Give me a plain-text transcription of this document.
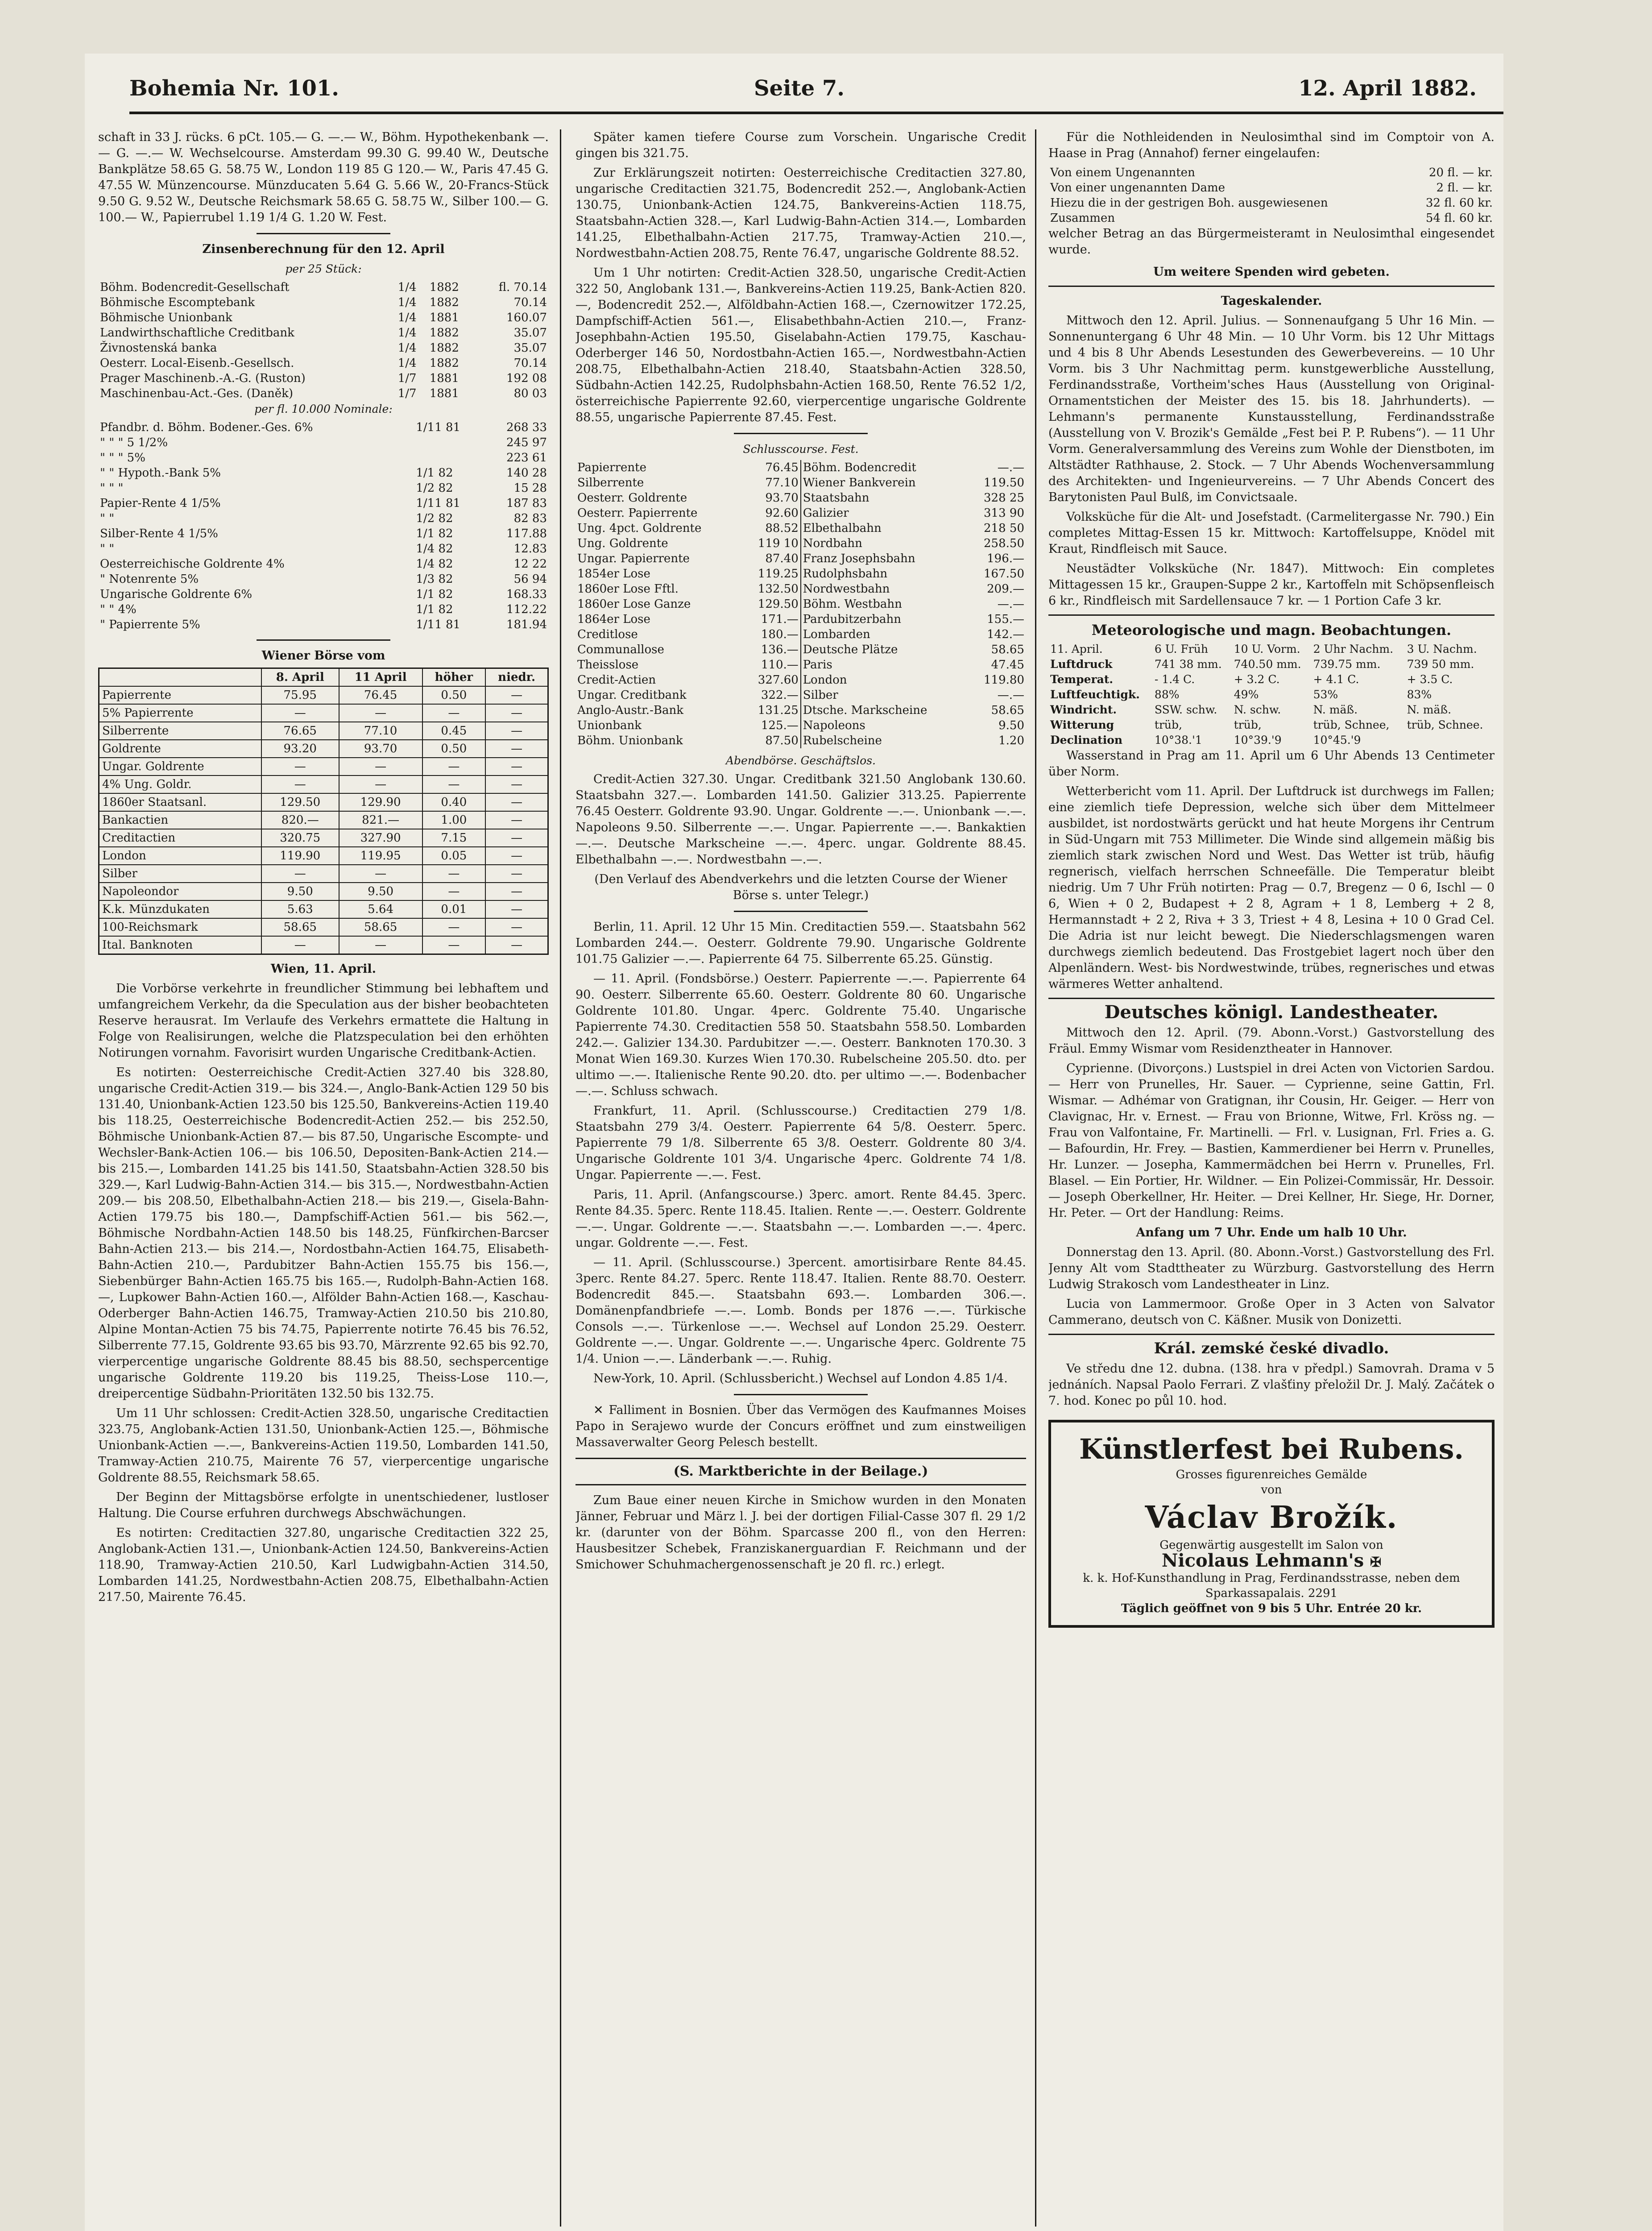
Bohemia Nr. 101.	Seite 7.	12. April 1882.

schaft in 33 J. rücks. 6 pCt. 105.— G. —.— W., Böhm. Hypothekenbank —.— G. —.— W. Wechselcourse. Amsterdam 99.30 G. 99.40 W., Deutsche Bankplätze 58.65 G. 58.75 W., London 119 85 G 120.— W., Paris 47.45 G. 47.55 W. Münzencourse. Münzducaten 5.64 G. 5.66 W., 20-Francs-Stück 9.50 G. 9.52 W., Deutsche Reichsmark 58.65 G. 58.75 W., Silber 100.— G. 100.— W., Papierrubel 1.19 1/4 G. 1.20 W. Fest.

Zinsenberechnung für den 12. April
per 25 Stück:
Böhm. Bodencredit-Gesellschaft	1/4	1882	fl. 70.14
Böhmische Escomptebank	1/4	1882	70.14
Böhmische Unionbank	1/4	1881	160.07
Landwirthschaftliche Creditbank	1/4	1882	35.07
Živnostenská banka	1/4	1882	35.07
Oesterr. Local-Eisenb.-Gesellsch.	1/4	1882	70.14
Prager Maschinenb.-A.-G. (Ruston)	1/7	1881	192 08
Maschinenbau-Act.-Ges. (Daněk)	1/7	1881	80 03
per fl. 10.000 Nominale:
Pfandbr. d. Böhm. Bodener.-Ges. 6%	1/11 81	268 33
" " " 5 1/2%		245 97
" " " 5%		223 61
" " Hypoth.-Bank 5%	1/1 82	140 28
" " "	1/2 82	15 28
Papier-Rente 4 1/5%	1/11 81	187 83
" "	1/2 82	82 83
Silber-Rente 4 1/5%	1/1 82	117.88
" "	1/4 82	12.83
Oesterreichische Goldrente 4%	1/4 82	12 22
" Notenrente 5%	1/3 82	56 94
Ungarische Goldrente 6%	1/1 82	168.33
" " 4%	1/1 82	112.22
" Papierrente 5%	1/11 81	181.94
Wiener Börse vom
	8. April	11 April	höher	niedr.
Papierrente	75.95	76.45	0.50	—
5% Papierrente	—	—	—	—
Silberrente	76.65	77.10	0.45	—
Goldrente	93.20	93.70	0.50	—
Ungar. Goldrente	—	—	—	—
4% Ung. Goldr.	—	—	—	—
1860er Staatsanl.	129.50	129.90	0.40	—
Bankactien	820.—	821.—	1.00	—
Creditactien	320.75	327.90	7.15	—
London	119.90	119.95	0.05	—
Silber	—	—	—	—
Napoleondor	9.50	9.50	—	—
K.k. Münzdukaten	5.63	5.64	0.01	—
100-Reichsmark	58.65	58.65	—	—
Ital. Banknoten	—	—	—	—
Wien, 11. April.

Die Vorbörse verkehrte in freundlicher Stimmung bei lebhaftem und umfangreichem Verkehr, da die Speculation aus der bisher beobachteten Reserve herausrat. Im Verlaufe des Verkehrs ermattete die Haltung in Folge von Realisirungen, welche die Platzspeculation bei den erhöhten Notirungen vornahm. Favorisirt wurden Ungarische Creditbank-Actien.

Es notirten: Oesterreichische Credit-Actien 327.40 bis 328.80, ungarische Credit-Actien 319.— bis 324.—, Anglo-Bank-Actien 129 50 bis 131.40, Unionbank-Actien 123.50 bis 125.50, Bankvereins-Actien 119.40 bis 118.25, Oesterreichische Bodencredit-Actien 252.— bis 252.50, Böhmische Unionbank-Actien 87.— bis 87.50, Ungarische Escompte- und Wechsler-Bank-Actien 106.— bis 106.50, Depositen-Bank-Actien 214.— bis 215.—, Lombarden 141.25 bis 141.50, Staatsbahn-Actien 328.50 bis 329.—, Karl Ludwig-Bahn-Actien 314.— bis 315.—, Nordwestbahn-Actien 209.— bis 208.50, Elbethalbahn-Actien 218.— bis 219.—, Gisela-Bahn-Actien 179.75 bis 180.—, Dampfschiff-Actien 561.— bis 562.—, Böhmische Nordbahn-Actien 148.50 bis 148.25, Fünfkirchen-Barcser Bahn-Actien 213.— bis 214.—, Nordostbahn-Actien 164.75, Elisabeth-Bahn-Actien 210.—, Pardubitzer Bahn-Actien 155.75 bis 156.—, Siebenbürger Bahn-Actien 165.75 bis 165.—, Rudolph-Bahn-Actien 168.—, Lupkower Bahn-Actien 160.—, Alfölder Bahn-Actien 168.—, Kaschau-Oderberger Bahn-Actien 146.75, Tramway-Actien 210.50 bis 210.80, Alpine Montan-Actien 75 bis 74.75, Papierrente notirte 76.45 bis 76.52, Silberrente 77.15, Goldrente 93.65 bis 93.70, Märzrente 92.65 bis 92.70, vierpercentige ungarische Goldrente 88.45 bis 88.50, sechspercentige ungarische Goldrente 119.20 bis 119.25, Theiss-Lose 110.—, dreipercentige Südbahn-Prioritäten 132.50 bis 132.75.

Um 11 Uhr schlossen: Credit-Actien 328.50, ungarische Creditactien 323.75, Anglobank-Actien 131.50, Unionbank-Actien 125.—, Böhmische Unionbank-Actien —.—, Bankvereins-Actien 119.50, Lombarden 141.50, Tramway-Actien 210.75, Mairente 76 57, vierpercentige ungarische Goldrente 88.55, Reichsmark 58.65.

Der Beginn der Mittagsbörse erfolgte in unentschiedener, lustloser Haltung. Die Course erfuhren durchwegs Abschwächungen.

Es notirten: Creditactien 327.80, ungarische Creditactien 322 25, Anglobank-Actien 131.—, Unionbank-Actien 124.50, Bankvereins-Actien 118.90, Tramway-Actien 210.50, Karl Ludwigbahn-Actien 314.50, Lombarden 141.25, Nordwestbahn-Actien 208.75, Elbethalbahn-Actien 217.50, Mairente 76.45.

Später kamen tiefere Course zum Vorschein. Ungarische Credit gingen bis 321.75.

Zur Erklärungszeit notirten: Oesterreichische Creditactien 327.80, ungarische Creditactien 321.75, Bodencredit 252.—, Anglobank-Actien 130.75, Unionbank-Actien 124.75, Bankvereins-Actien 118.75, Staatsbahn-Actien 328.—, Karl Ludwig-Bahn-Actien 314.—, Lombarden 141.25, Elbethalbahn-Actien 217.75, Tramway-Actien 210.—, Nordwestbahn-Actien 208.75, Rente 76.47, ungarische Goldrente 88.52.

Um 1 Uhr notirten: Credit-Actien 328.50, ungarische Credit-Actien 322 50, Anglobank 131.—, Bankvereins-Actien 119.25, Bank-Actien 820.—, Bodencredit 252.—, Alföldbahn-Actien 168.—, Czernowitzer 172.25, Dampfschiff-Actien 561.—, Elisabethbahn-Actien 210.—, Franz-Josephbahn-Actien 195.50, Giselabahn-Actien 179.75, Kaschau-Oderberger 146 50, Nordostbahn-Actien 165.—, Nordwestbahn-Actien 208.75, Elbethalbahn-Actien 218.40, Staatsbahn-Actien 328.50, Südbahn-Actien 142.25, Rudolphsbahn-Actien 168.50, Rente 76.52 1/2, österreichische Papierrente 92.60, vierpercentige ungarische Goldrente 88.55, ungarische Papierrente 87.45. Fest.

Schlusscourse. Fest.
Papierrente	76.45	Böhm. Bodencredit	—.—
Silberrente	77.10	Wiener Bankverein	119.50
Oesterr. Goldrente	93.70	Staatsbahn	328 25
Oesterr. Papierrente	92.60	Galizier	313 90
Ung. 4pct. Goldrente	88.52	Elbethalbahn	218 50
Ung. Goldrente	119 10	Nordbahn	258.50
Ungar. Papierrente	87.40	Franz Josephsbahn	196.—
1854er Lose	119.25	Rudolphsbahn	167.50
1860er Lose Fftl.	132.50	Nordwestbahn	209.—
1860er Lose Ganze	129.50	Böhm. Westbahn	—.—
1864er Lose	171.—	Pardubitzerbahn	155.—
Creditlose	180.—	Lombarden	142.—
Communallose	136.—	Deutsche Plätze	58.65
Theisslose	110.—	Paris	47.45
Credit-Actien	327.60	London	119.80
Ungar. Creditbank	322.—	Silber	—.—
Anglo-Austr.-Bank	131.25	Dtsche. Markscheine	58.65
Unionbank	125.—	Napoleons	9.50
Böhm. Unionbank	87.50	Rubelscheine	1.20
Abendbörse. Geschäftslos.

Credit-Actien 327.30. Ungar. Creditbank 321.50 Anglobank 130.60. Staatsbahn 327.—. Lombarden 141.50. Galizier 313.25. Papierrente 76.45 Oesterr. Goldrente 93.90. Ungar. Goldrente —.—. Unionbank —.—. Napoleons 9.50. Silberrente —.—. Ungar. Papierrente —.—. Bankaktien —.—. Deutsche Markscheine —.—. 4perc. ungar. Goldrente 88.45. Elbethalbahn —.—. Nordwestbahn —.—.

(Den Verlauf des Abendverkehrs und die letzten Course der Wiener Börse s. unter Telegr.)

Berlin, 11. April. 12 Uhr 15 Min. Creditactien 559.—. Staatsbahn 562 Lombarden 244.—. Oesterr. Goldrente 79.90. Ungarische Goldrente 101.75 Galizier —.—. Papierrente 64 75. Silberrente 65.25. Günstig.

— 11. April. (Fondsbörse.) Oesterr. Papierrente —.—. Papierrente 64 90. Oesterr. Silberrente 65.60. Oesterr. Goldrente 80 60. Ungarische Goldrente 101.80. Ungar. 4perc. Goldrente 75.40. Ungarische Papierrente 74.30. Creditactien 558 50. Staatsbahn 558.50. Lombarden 242.—. Galizier 134.30. Pardubitzer —.—. Oesterr. Banknoten 170.30. 3 Monat Wien 169.30. Kurzes Wien 170.30. Rubelscheine 205.50. dto. per ultimo —.—. Italienische Rente 90.20. dto. per ultimo —.—. Bodenbacher —.—. Schluss schwach.

Frankfurt, 11. April. (Schlusscourse.) Creditactien 279 1/8. Staatsbahn 279 3/4. Oesterr. Papierrente 64 5/8. Oesterr. 5perc. Papierrente 79 1/8. Silberrente 65 3/8. Oesterr. Goldrente 80 3/4. Ungarische Goldrente 101 3/4. Ungarische 4perc. Goldrente 74 1/8. Ungar. Papierrente —.—. Fest.

Paris, 11. April. (Anfangscourse.) 3perc. amort. Rente 84.45. 3perc. Rente 84.35. 5perc. Rente 118.45. Italien. Rente —.—. Oesterr. Goldrente —.—. Ungar. Goldrente —.—. Staatsbahn —.—. Lombarden —.—. 4perc. ungar. Goldrente —.—. Fest.

— 11. April. (Schlusscourse.) 3percent. amortisirbare Rente 84.45. 3perc. Rente 84.27. 5perc. Rente 118.47. Italien. Rente 88.70. Oesterr. Bodencredit 845.—. Staatsbahn 693.—. Lombarden 306.—. Domänenpfandbriefe —.—. Lomb. Bonds per 1876 —.—. Türkische Consols —.—. Türkenlose —.—. Wechsel auf London 25.29. Oesterr. Goldrente —.—. Ungar. Goldrente —.—. Ungarische 4perc. Goldrente 75 1/4. Union —.—. Länderbank —.—. Ruhig.

New-York, 10. April. (Schlussbericht.) Wechsel auf London 4.85 1/4.

✕ Falliment in Bosnien. Über das Vermögen des Kaufmannes Moises Papo in Serajewo wurde der Concurs eröffnet und zum einstweiligen Massaverwalter Georg Pelesch bestellt.

(S. Marktberichte in der Beilage.)

Zum Baue einer neuen Kirche in Smichow wurden in den Monaten Jänner, Februar und März l. J. bei der dortigen Filial-Casse 307 fl. 29 1/2 kr. (darunter von der Böhm. Sparcasse 200 fl., von den Herren: Hausbesitzer Schebek, Franziskanerguardian F. Reichmann und der Smichower Schuhmachergenossenschaft je 20 fl. rc.) erlegt.

Für die Nothleidenden in Neulosimthal sind im Comptoir von A. Haase in Prag (Annahof) ferner eingelaufen:

Von einem Ungenannten	20 fl. — kr.
Von einer ungenannten Dame	2 fl. — kr.
Hiezu die in der gestrigen Boh. ausgewiesenen	32 fl. 60 kr.
Zusammen	54 fl. 60 kr.

welcher Betrag an das Bürgermeisteramt in Neulosimthal eingesendet wurde.

Um weitere Spenden wird gebeten.
Tageskalender.

Mittwoch den 12. April. Julius. — Sonnenaufgang 5 Uhr 16 Min. — Sonnenuntergang 6 Uhr 48 Min. — 10 Uhr Vorm. bis 12 Uhr Mittags und 4 bis 8 Uhr Abends Lesestunden des Gewerbevereins. — 10 Uhr Vorm. bis 3 Uhr Nachmittag perm. kunstgewerbliche Ausstellung, Ferdinandsstraße, Vortheim'sches Haus (Ausstellung von Original-Ornamentstichen der Meister des 15. bis 18. Jahrhunderts). — Lehmann's permanente Kunstausstellung, Ferdinandsstraße (Ausstellung von V. Brozik's Gemälde „Fest bei P. P. Rubens“). — 11 Uhr Vorm. Generalversammlung des Vereins zum Wohle der Dienstboten, im Altstädter Rathhause, 2. Stock. — 7 Uhr Abends Wochenversammlung des Architekten- und Ingenieurvereins. — 7 Uhr Abends Concert des Barytonisten Paul Bulß, im Convictsaale.

Volksküche für die Alt- und Josefstadt. (Carmelitergasse Nr. 790.) Ein completes Mittag-Essen 15 kr. Mittwoch: Kartoffelsuppe, Knödel mit Kraut, Rindfleisch mit Sauce.

Neustädter Volksküche (Nr. 1847). Mittwoch: Ein completes Mittagessen 15 kr., Graupen-Suppe 2 kr., Kartoffeln mit Schöpsenfleisch 6 kr., Rindfleisch mit Sardellensauce 7 kr. — 1 Portion Cafe 3 kr.

Meteorologische und magn. Beobachtungen.
11. April.	6 U. Früh	10 U. Vorm.	2 Uhr Nachm.	3 U. Nachm.
Luftdruck	741 38 mm.	740.50 mm.	739.75 mm.	739 50 mm.
Temperat.	- 1.4 C.	+ 3.2 C.	+ 4.1 C.	+ 3.5 C.
Luftfeuchtigk.	88%	49%	53%	83%
Windricht.	SSW. schw.	N. schw.	N. mäß.	N. mäß.
Witterung	trüb,	trüb,	trüb, Schnee,	trüb, Schnee.
Declination	10°38.'1	10°39.'9	10°45.'9	

Wasserstand in Prag am 11. April um 6 Uhr Abends 13 Centimeter über Norm.

Wetterbericht vom 11. April. Der Luftdruck ist durchwegs im Fallen; eine ziemlich tiefe Depression, welche sich über dem Mittelmeer ausbildet, ist nordostwärts gerückt und hat heute Morgens ihr Centrum in Süd-Ungarn mit 753 Millimeter. Die Winde sind allgemein mäßig bis ziemlich stark zwischen Nord und West. Das Wetter ist trüb, häufig regnerisch, vielfach herrschen Schneefälle. Die Temperatur bleibt niedrig. Um 7 Uhr Früh notirten: Prag — 0.7, Bregenz — 0 6, Ischl — 0 6, Wien + 0 2, Budapest + 2 8, Agram + 1 8, Lemberg + 2 8, Hermannstadt + 2 2, Riva + 3 3, Triest + 4 8, Lesina + 10 0 Grad Cel. Die Adria ist nur leicht bewegt. Die Niederschlagsmengen waren durchwegs ziemlich bedeutend. Das Frostgebiet lagert noch über den Alpenländern. West- bis Nordwestwinde, trübes, regnerisches und etwas wärmeres Wetter anhaltend.

Deutsches königl. Landestheater.

Mittwoch den 12. April. (79. Abonn.-Vorst.) Gastvorstellung des Fräul. Emmy Wismar vom Residenztheater in Hannover.

Cyprienne. (Divorçons.) Lustspiel in drei Acten von Victorien Sardou. — Herr von Prunelles, Hr. Sauer. — Cyprienne, seine Gattin, Frl. Wismar. — Adhémar von Gratignan, ihr Cousin, Hr. Geiger. — Herr von Clavignac, Hr. v. Ernest. — Frau von Brionne, Witwe, Frl. Kröss ng. — Frau von Valfontaine, Fr. Martinelli. — Frl. v. Lusignan, Frl. Fries a. G. — Bafourdin, Hr. Frey. — Bastien, Kammerdiener bei Herrn v. Prunelles, Hr. Lunzer. — Josepha, Kammermädchen bei Herrn v. Prunelles, Frl. Blasel. — Ein Portier, Hr. Wildner. — Ein Polizei-Commissär, Hr. Dessoir. — Joseph Oberkellner, Hr. Heiter. — Drei Kellner, Hr. Siege, Hr. Dorner, Hr. Peter. — Ort der Handlung: Reims.

Anfang um 7 Uhr. Ende um halb 10 Uhr.

Donnerstag den 13. April. (80. Abonn.-Vorst.) Gastvorstellung des Frl. Jenny Alt vom Stadttheater zu Würzburg. Gastvorstellung des Herrn Ludwig Strakosch vom Landestheater in Linz.

Lucia von Lammermoor. Große Oper in 3 Acten von Salvator Cammerano, deutsch von C. Käßner. Musik von Donizetti.

Král. zemské české divadlo.

Ve středu dne 12. dubna. (138. hra v předpl.) Samovrah. Drama v 5 jednáních. Napsal Paolo Ferrari. Z vlašťiny přeložil Dr. J. Malý. Začátek o 7. hod. Konec po půl 10. hod.

Künstlerfest bei Rubens.
Grosses figurenreiches Gemälde
von
Václav Brožík.
Gegenwärtig ausgestellt im Salon von
Nicolaus Lehmann's ✠
k. k. Hof-Kunsthandlung in Prag, Ferdinandsstrasse, neben dem Sparkassapalais. 2291
Täglich geöffnet von 9 bis 5 Uhr. Entrée 20 kr.
